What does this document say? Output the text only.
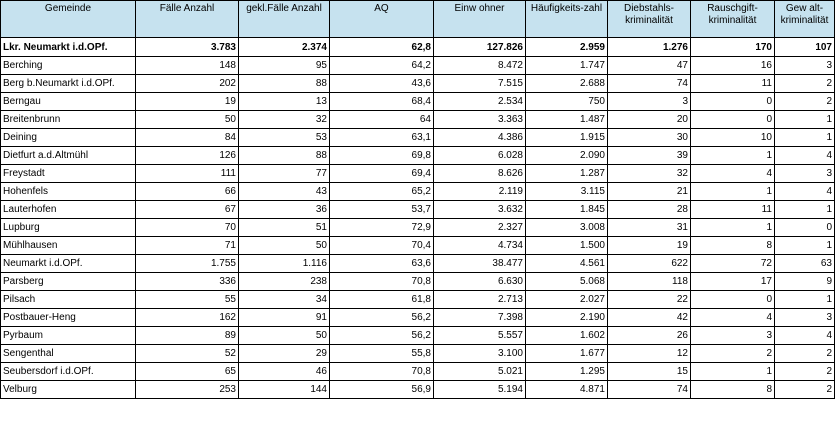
Gemeinde	Fälle Anzahl	gekl.Fälle Anzahl	AQ	Einw ohner	Häufigkeits-zahl	Diebstahls-kriminalität	Rauschgift-kriminalität	Gew alt-kriminalität
Lkr. Neumarkt i.d.OPf.	3.783	2.374	62,8	127.826	2.959	1.276	170	107
Berching	148	95	64,2	8.472	1.747	47	16	3
Berg b.Neumarkt i.d.OPf.	202	88	43,6	7.515	2.688	74	11	2
Berngau	19	13	68,4	2.534	750	3	0	2
Breitenbrunn	50	32	64	3.363	1.487	20	0	1
Deining	84	53	63,1	4.386	1.915	30	10	1
Dietfurt a.d.Altmühl	126	88	69,8	6.028	2.090	39	1	4
Freystadt	111	77	69,4	8.626	1.287	32	4	3
Hohenfels	66	43	65,2	2.119	3.115	21	1	4
Lauterhofen	67	36	53,7	3.632	1.845	28	11	1
Lupburg	70	51	72,9	2.327	3.008	31	1	0
Mühlhausen	71	50	70,4	4.734	1.500	19	8	1
Neumarkt i.d.OPf.	1.755	1.116	63,6	38.477	4.561	622	72	63
Parsberg	336	238	70,8	6.630	5.068	118	17	9
Pilsach	55	34	61,8	2.713	2.027	22	0	1
Postbauer-Heng	162	91	56,2	7.398	2.190	42	4	3
Pyrbaum	89	50	56,2	5.557	1.602	26	3	4
Sengenthal	52	29	55,8	3.100	1.677	12	2	2
Seubersdorf i.d.OPf.	65	46	70,8	5.021	1.295	15	1	2
Velburg	253	144	56,9	5.194	4.871	74	8	2
